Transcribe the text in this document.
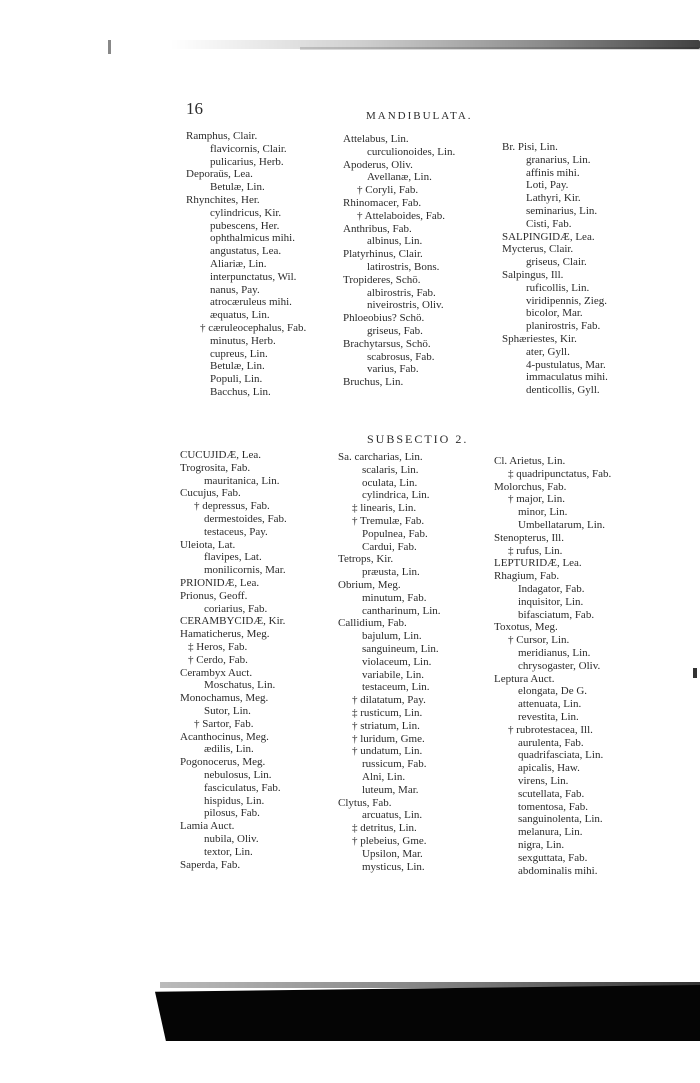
16	MANDIBULATA.
SUBSECTIO 2.
Ramphus, Clair.
flavicornis, Clair.
pulicarius, Herb.
Deporaüs, Lea.
Betulæ, Lin.
Rhynchites, Her.
cylindricus, Kir.
pubescens, Her.
ophthalmicus mihi.
angustatus, Lea.
Aliariæ, Lin.
interpunctatus, Wil.
nanus, Pay.
atrocæruleus mihi.
æquatus, Lin.
† cæruleocephalus, Fab.
minutus, Herb.
cupreus, Lin.
Betulæ, Lin.
Populi, Lin.
Bacchus, Lin.
Attelabus, Lin.
curculionoides, Lin.
Apoderus, Oliv.
Avellanæ, Lin.
† Coryli, Fab.
Rhinomacer, Fab.
† Attelaboides, Fab.
Anthribus, Fab.
albinus, Lin.
Platyrhinus, Clair.
latirostris, Bons.
Tropideres, Schö.
albirostris, Fab.
niveirostris, Oliv.
Phloeobius? Schö.
griseus, Fab.
Brachytarsus, Schö.
scabrosus, Fab.
varius, Fab.
Bruchus, Lin.
Br. Pisi, Lin.
granarius, Lin.
affinis mihi.
Loti, Pay.
Lathyri, Kir.
seminarius, Lin.
Cisti, Fab.
SALPINGIDÆ, Lea.
Mycterus, Clair.
griseus, Clair.
Salpingus, Ill.
ruficollis, Lin.
viridipennis, Zieg.
bicolor, Mar.
planirostris, Fab.
Sphæriestes, Kir.
ater, Gyll.
4-pustulatus, Mar.
immaculatus mihi.
denticollis, Gyll.
CUCUJIDÆ, Lea.
Trogrosita, Fab.
mauritanica, Lin.
Cucujus, Fab.
† depressus, Fab.
dermestoides, Fab.
testaceus, Pay.
Uleiota, Lat.
flavipes, Lat.
monilicornis, Mar.
PRIONIDÆ, Lea.
Prionus, Geoff.
coriarius, Fab.
CERAMBYCIDÆ, Kir.
Hamaticherus, Meg.
‡ Heros, Fab.
† Cerdo, Fab.
Cerambyx Auct.
Moschatus, Lin.
Monochamus, Meg.
Sutor, Lin.
† Sartor, Fab.
Acanthocinus, Meg.
ædilis, Lin.
Pogonocerus, Meg.
nebulosus, Lin.
fasciculatus, Fab.
hispidus, Lin.
pilosus, Fab.
Lamia Auct.
nubila, Oliv.
textor, Lin.
Saperda, Fab.
Sa. carcharias, Lin.
scalaris, Lin.
oculata, Lin.
cylindrica, Lin.
‡ linearis, Lin.
† Tremulæ, Fab.
Populnea, Fab.
Cardui, Fab.
Tetrops, Kir.
præusta, Lin.
Obrium, Meg.
minutum, Fab.
cantharinum, Lin.
Callidium, Fab.
bajulum, Lin.
sanguineum, Lin.
violaceum, Lin.
variabile, Lin.
testaceum, Lin.
† dilatatum, Pay.
‡ rusticum, Lin.
† striatum, Lin.
† luridum, Gme.
† undatum, Lin.
russicum, Fab.
Alni, Lin.
luteum, Mar.
Clytus, Fab.
arcuatus, Lin.
‡ detritus, Lin.
† plebeius, Gme.
Upsilon, Mar.
mysticus, Lin.
Cl. Arietus, Lin.
‡ quadripunctatus, Fab.
Molorchus, Fab.
† major, Lin.
minor, Lin.
Umbellatarum, Lin.
Stenopterus, Ill.
‡ rufus, Lin.
LEPTURIDÆ, Lea.
Rhagium, Fab.
Indagator, Fab.
inquisitor, Lin.
bifasciatum, Fab.
Toxotus, Meg.
† Cursor, Lin.
meridianus, Lin.
chrysogaster, Oliv.
Leptura Auct.
elongata, De G.
attenuata, Lin.
revestita, Lin.
† rubrotestacea, Ill.
aurulenta, Fab.
quadrifasciata, Lin.
apicalis, Haw.
virens, Lin.
scutellata, Fab.
tomentosa, Fab.
sanguinolenta, Lin.
melanura, Lin.
nigra, Lin.
sexguttata, Fab.
abdominalis mihi.
